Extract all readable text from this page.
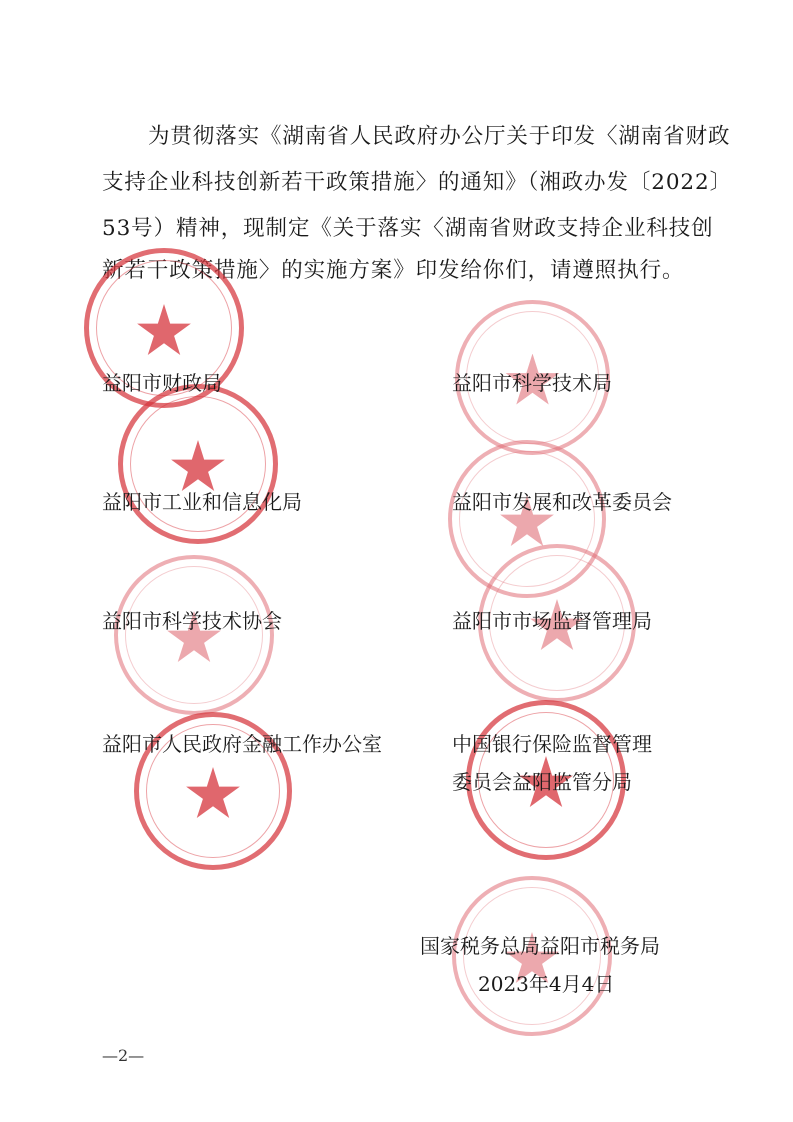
为贯彻落实《湖南省人民政府办公厅关于印发〈湖南省财政
支持企业科技创新若干政策措施〉的通知》（湘政办发〔2022〕
53号）精神，现制定《关于落实〈湖南省财政支持企业科技创
新若干政策措施〉的实施方案》印发给你们，请遵照执行。
益阳市财政局	益阳市科学技术局
益阳市工业和信息化局	益阳市发展和改革委员会
益阳市科学技术协会	益阳市市场监督管理局
益阳市人民政府金融工作办公室	中国银行保险监督管理
委员会益阳监管分局
国家税务总局益阳市税务局
2023年4月4日
—2—
